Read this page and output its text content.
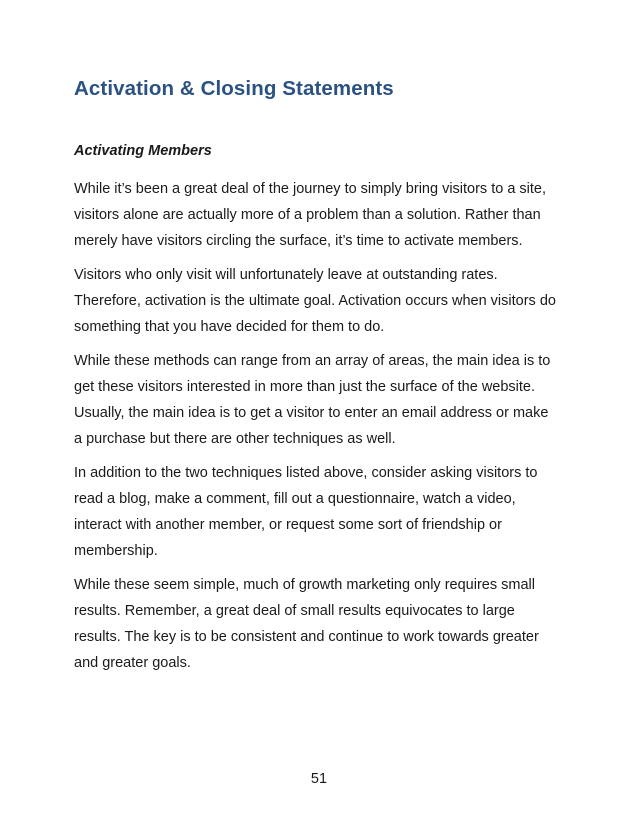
Activation & Closing Statements
Activating Members

While it’s been a great deal of the journey to simply bring visitors to a site,
visitors alone are actually more of a problem than a solution. Rather than
merely have visitors circling the surface, it’s time to activate members.

Visitors who only visit will unfortunately leave at outstanding rates.
Therefore, activation is the ultimate goal. Activation occurs when visitors do
something that you have decided for them to do.

While these methods can range from an array of areas, the main idea is to
get these visitors interested in more than just the surface of the website.
Usually, the main idea is to get a visitor to enter an email address or make
a purchase but there are other techniques as well.

In addition to the two techniques listed above, consider asking visitors to
read a blog, make a comment, fill out a questionnaire, watch a video,
interact with another member, or request some sort of friendship or
membership.

While these seem simple, much of growth marketing only requires small
results. Remember, a great deal of small results equivocates to large
results. The key is to be consistent and continue to work towards greater
and greater goals.

51
